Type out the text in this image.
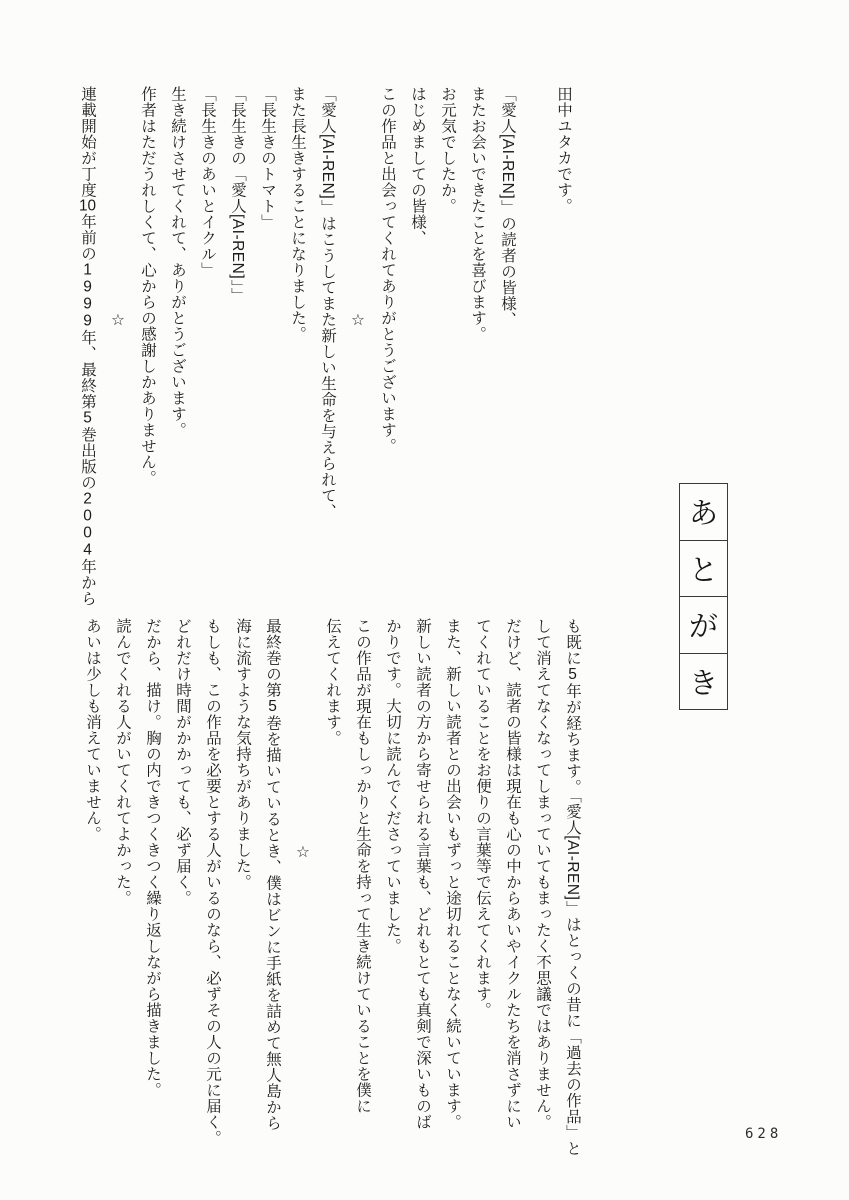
田中ユタカです。
「愛人[AI-REN]」の読者の皆様、
またお会いできたことを喜びます。
お元気でしたか。
はじめましての皆様、
この作品と出会ってくれてありがとうございます。
☆
「愛人[AI-REN]」はこうしてまた新しい生命を与えられて、
また長生きすることになりました。
「長生きのトマト」
「長生きの「愛人[AI-REN]」」
「長生きのあいとイクル」
生き続けさせてくれて、ありがとうございます。
作者はただうれしくて、心からの感謝しかありません。
☆
連載開始が丁度10年前の1999年、最終第5巻出版の2004年から
あ
と
が
き
も既に5年が経ちます。「愛人[AI-REN]」はとっくの昔に「過去の作品」と
して消えてなくなってしまっていてもまったく不思議ではありません。
だけど、読者の皆様は現在も心の中からあいやイクルたちを消さずにい
てくれていることをお便りの言葉等で伝えてくれます。
また、新しい読者との出会いもずっと途切れることなく続いています。
新しい読者の方から寄せられる言葉も、どれもとても真剣で深いものば
かりです。大切に読んでくださっていました。
この作品が現在もしっかりと生命を持って生き続けていることを僕に
伝えてくれます。
☆
最終巻の第5巻を描いているとき、僕はビンに手紙を詰めて無人島から
海に流すような気持ちがありました。
もしも、この作品を必要とする人がいるのなら、必ずその人の元に届く。
どれだけ時間がかかっても、必ず届く。
だから、描け。胸の内できつくきつく繰り返しながら描きました。
読んでくれる人がいてくれてよかった。
あいは少しも消えていません。
628
